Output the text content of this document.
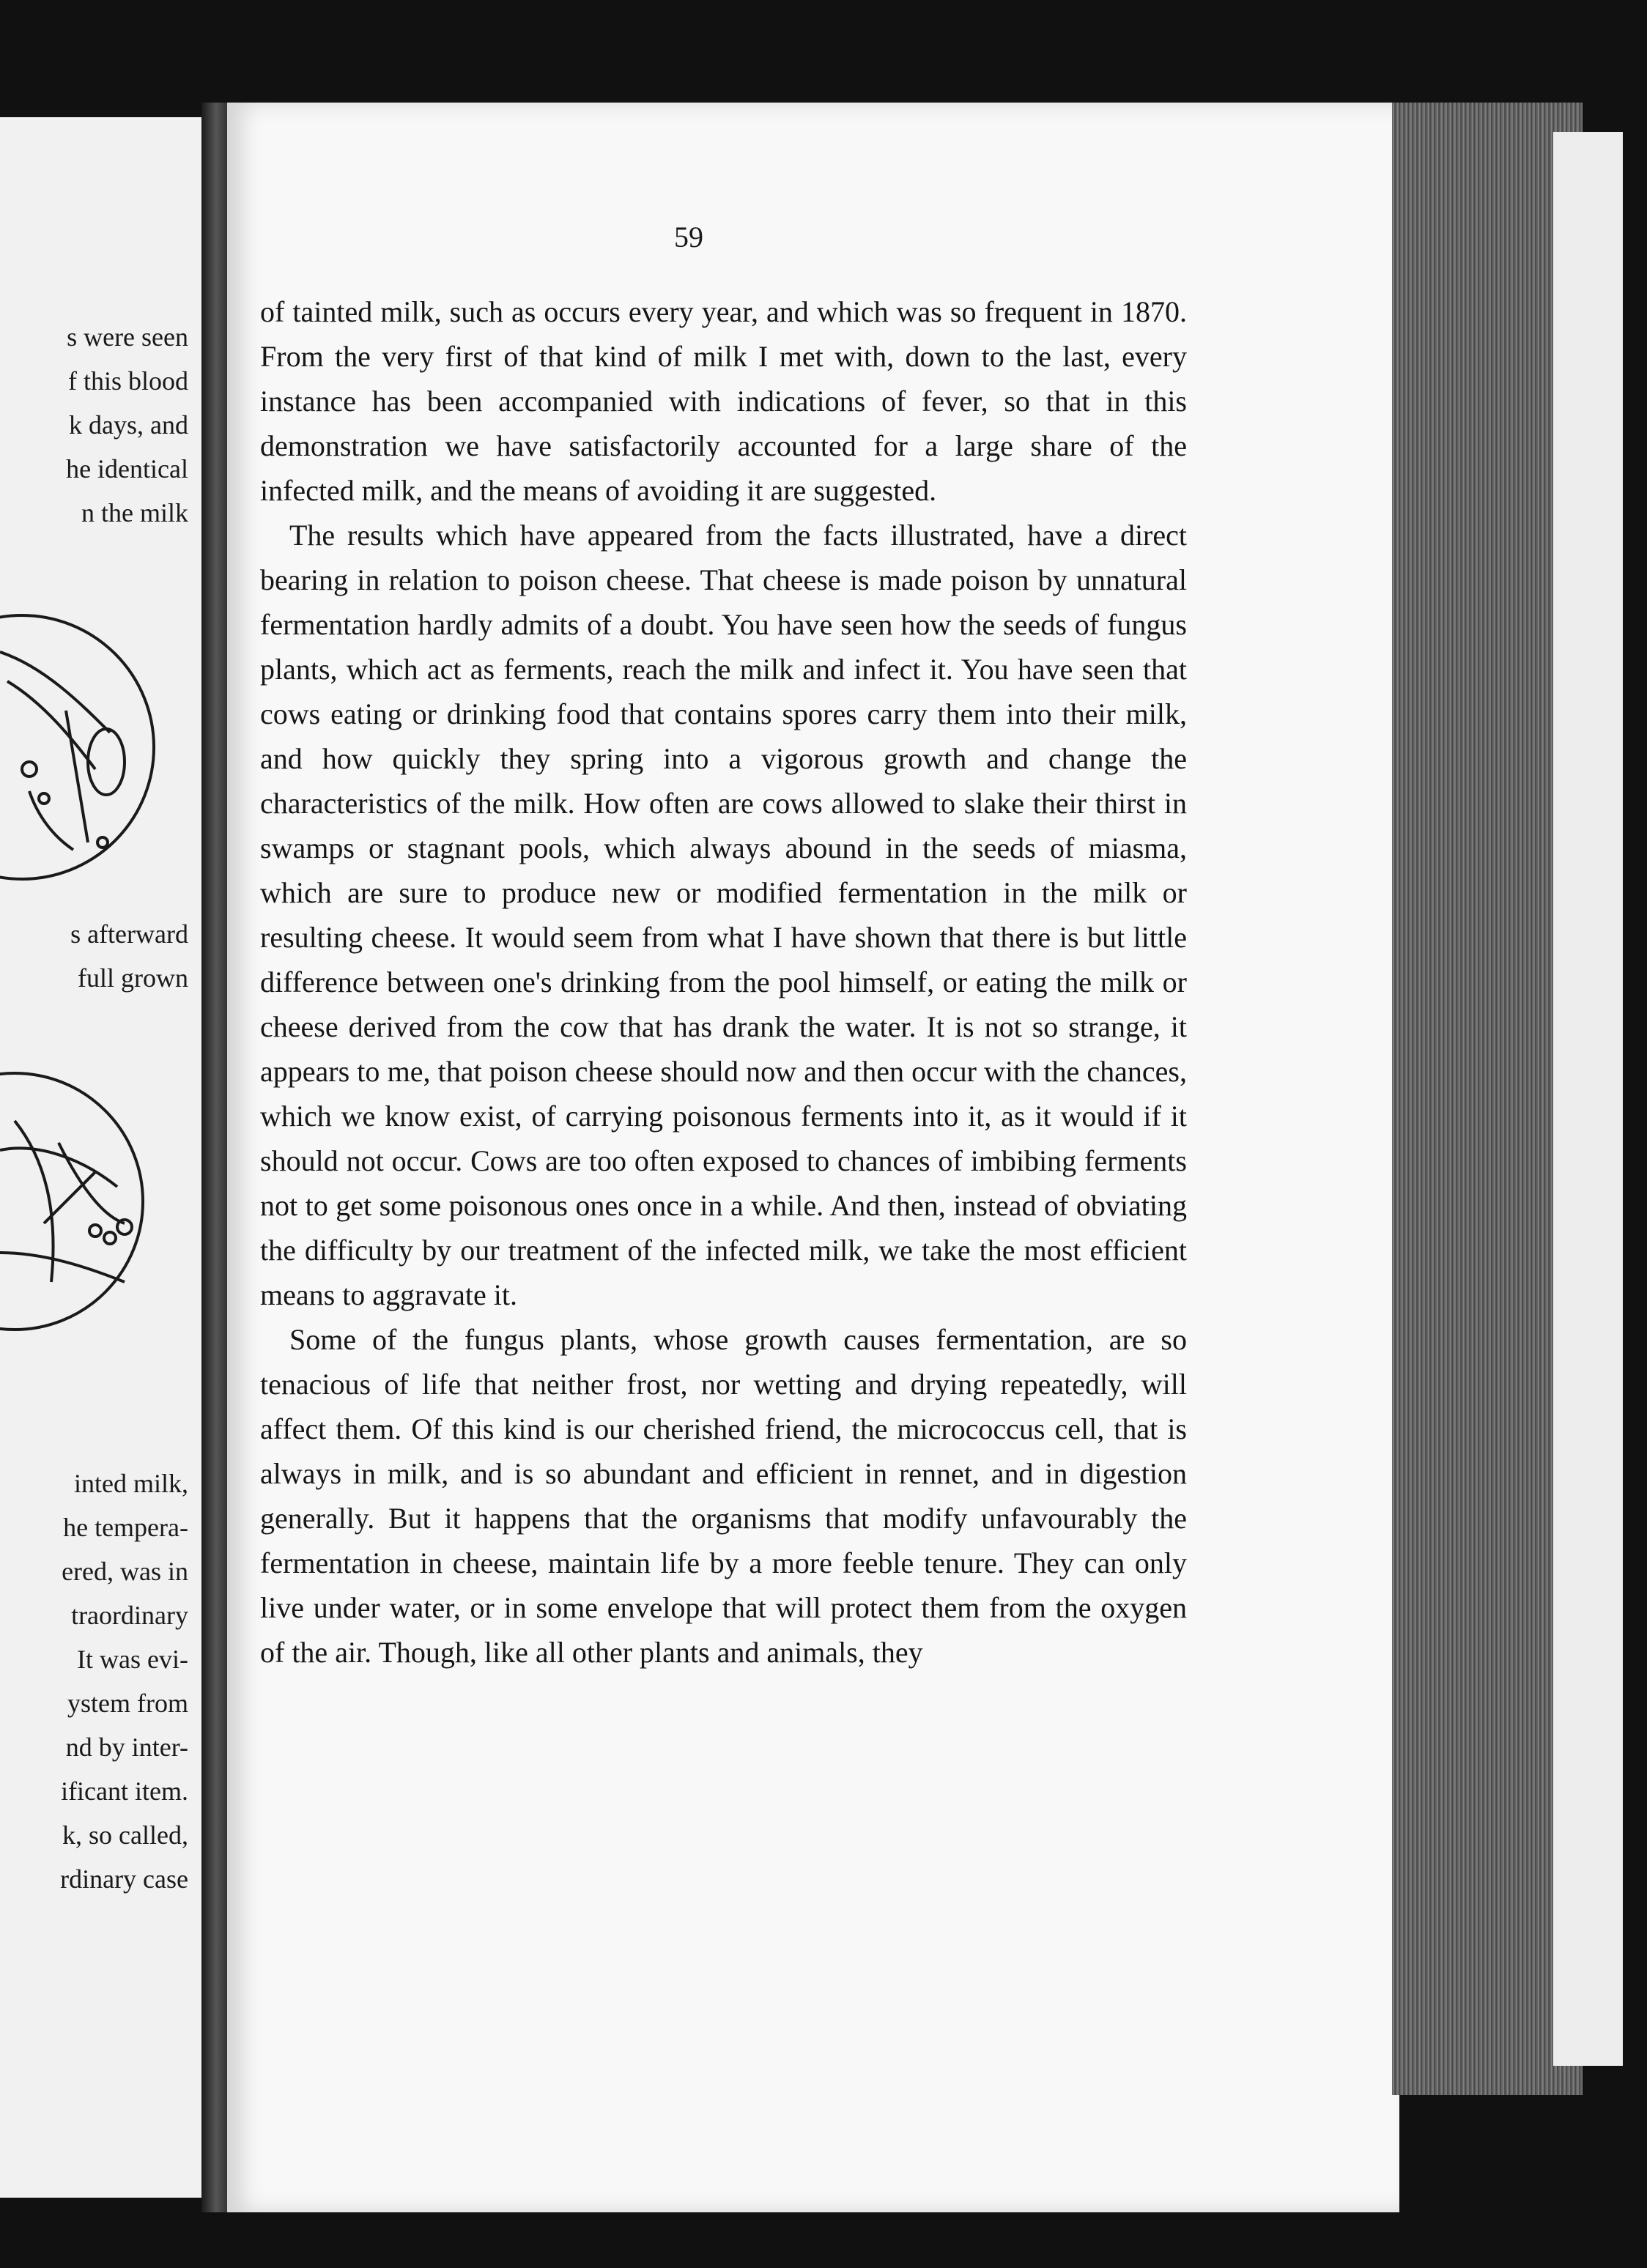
s were seen
f this blood
k days, and
he identical
n the milk
s afterward
full grown
inted milk,
he tempera-
ered, was in
traordinary
It was evi-
ystem from
nd by inter-
ificant item.
k, so called,
rdinary case
59

of tainted milk, such as occurs every year, and which was so frequent in 1870. From the very first of that kind of milk I met with, down to the last, every instance has been accompanied with indications of fever, so that in this demonstration we have satisfactorily accounted for a large share of the infected milk, and the means of avoiding it are suggested.

The results which have appeared from the facts illustrated, have a direct bearing in relation to poison cheese. That cheese is made poison by unnatural fermentation hardly admits of a doubt. You have seen how the seeds of fungus plants, which act as ferments, reach the milk and infect it. You have seen that cows eating or drinking food that contains spores carry them into their milk, and how quickly they spring into a vigorous growth and change the characteristics of the milk. How often are cows allowed to slake their thirst in swamps or stagnant pools, which always abound in the seeds of miasma, which are sure to produce new or modified fermentation in the milk or resulting cheese. It would seem from what I have shown that there is but little difference between one's drinking from the pool himself, or eating the milk or cheese derived from the cow that has drank the water. It is not so strange, it appears to me, that poison cheese should now and then occur with the chances, which we know exist, of carrying poisonous ferments into it, as it would if it should not occur. Cows are too often exposed to chances of imbibing ferments not to get some poisonous ones once in a while. And then, instead of obviating the difficulty by our treatment of the infected milk, we take the most efficient means to aggravate it.

Some of the fungus plants, whose growth causes fermentation, are so tenacious of life that neither frost, nor wetting and drying repeatedly, will affect them. Of this kind is our cherished friend, the micrococcus cell, that is always in milk, and is so abundant and efficient in rennet, and in digestion generally. But it happens that the organisms that modify unfavourably the fermentation in cheese, maintain life by a more feeble tenure. They can only live under water, or in some envelope that will protect them from the oxygen of the air. Though, like all other plants and animals, they
